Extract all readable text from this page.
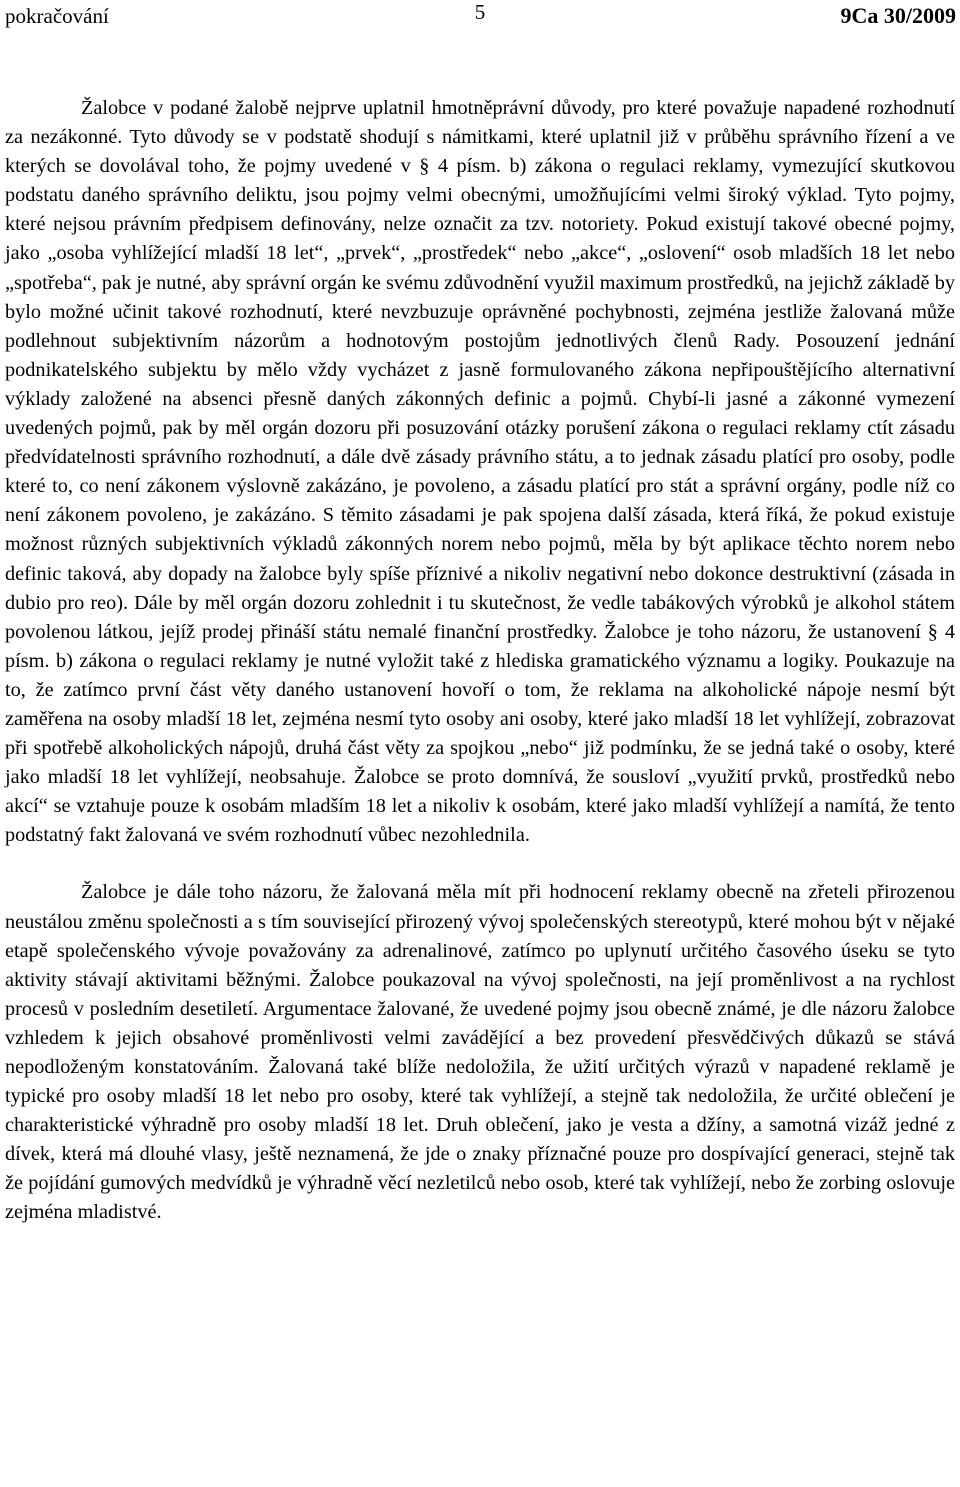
pokračování	5	9Ca 30/2009

Žalobce v podané žalobě nejprve uplatnil hmotněprávní důvody, pro které považuje napadené rozhodnutí za nezákonné. Tyto důvody se v podstatě shodují s námitkami, které uplatnil již v průběhu správního řízení a ve kterých se dovolával toho, že pojmy uvedené v § 4 písm. b) zákona o regulaci reklamy, vymezující skutkovou podstatu daného správního deliktu, jsou pojmy velmi obecnými, umožňujícími velmi široký výklad. Tyto pojmy, které nejsou právním předpisem definovány, nelze označit za tzv. notoriety. Pokud existují takové obecné pojmy, jako „osoba vyhlížející mladší 18 let“, „prvek“, „prostředek“ nebo „akce“, „oslovení“ osob mladších 18 let nebo „spotřeba“, pak je nutné, aby správní orgán ke svému zdůvodnění využil maximum prostředků, na jejichž základě by bylo možné učinit takové rozhodnutí, které nevzbuzuje oprávněné pochybnosti, zejména jestliže žalovaná může podlehnout subjektivním názorům a hodnotovým postojům jednotlivých členů Rady. Posouzení jednání podnikatelského subjektu by mělo vždy vycházet z jasně formulovaného zákona nepřipouštějícího alternativní výklady založené na absenci přesně daných zákonných definic a pojmů. Chybí-li jasné a zákonné vymezení uvedených pojmů, pak by měl orgán dozoru při posuzování otázky porušení zákona o regulaci reklamy ctít zásadu předvídatelnosti správního rozhodnutí, a dále dvě zásady právního státu, a to jednak zásadu platící pro osoby, podle které to, co není zákonem výslovně zakázáno, je povoleno, a zásadu platící pro stát a správní orgány, podle níž co není zákonem povoleno, je zakázáno. S těmito zásadami je pak spojena další zásada, která říká, že pokud existuje možnost různých subjektivních výkladů zákonných norem nebo pojmů, měla by být aplikace těchto norem nebo definic taková, aby dopady na žalobce byly spíše příznivé a nikoliv negativní nebo dokonce destruktivní (zásada in dubio pro reo). Dále by měl orgán dozoru zohlednit i tu skutečnost, že vedle tabákových výrobků je alkohol státem povolenou látkou, jejíž prodej přináší státu nemalé finanční prostředky. Žalobce je toho názoru, že ustanovení § 4 písm. b) zákona o regulaci reklamy je nutné vyložit také z hlediska gramatického významu a logiky. Poukazuje na to, že zatímco první část věty daného ustanovení hovoří o tom, že reklama na alkoholické nápoje nesmí být zaměřena na osoby mladší 18 let, zejména nesmí tyto osoby ani osoby, které jako mladší 18 let vyhlížejí, zobrazovat při spotřebě alkoholických nápojů, druhá část věty za spojkou „nebo“ již podmínku, že se jedná také o osoby, které jako mladší 18 let vyhlížejí, neobsahuje. Žalobce se proto domnívá, že sousloví „využití prvků, prostředků nebo akcí“ se vztahuje pouze k osobám mladším 18 let a nikoliv k osobám, které jako mladší vyhlížejí a namítá, že tento podstatný fakt žalovaná ve svém rozhodnutí vůbec nezohlednila.

Žalobce je dále toho názoru, že žalovaná měla mít při hodnocení reklamy obecně na zřeteli přirozenou neustálou změnu společnosti a s tím související přirozený vývoj společenských stereotypů, které mohou být v nějaké etapě společenského vývoje považovány za adrenalinové, zatímco po uplynutí určitého časového úseku se tyto aktivity stávají aktivitami běžnými. Žalobce poukazoval na vývoj společnosti, na její proměnlivost a na rychlost procesů v posledním desetiletí. Argumentace žalované, že uvedené pojmy jsou obecně známé, je dle názoru žalobce vzhledem k jejich obsahové proměnlivosti velmi zavádějící a bez provedení přesvědčivých důkazů se stává nepodloženým konstatováním. Žalovaná také blíže nedoložila, že užití určitých výrazů v napadené reklamě je typické pro osoby mladší 18 let nebo pro osoby, které tak vyhlížejí, a stejně tak nedoložila, že určité oblečení je charakteristické výhradně pro osoby mladší 18 let. Druh oblečení, jako je vesta a džíny, a samotná vizáž jedné z dívek, která má dlouhé vlasy, ještě neznamená, že jde o znaky příznačné pouze pro dospívající generaci, stejně tak že pojídání gumových medvídků je výhradně věcí nezletilců nebo osob, které tak vyhlížejí, nebo že zorbing oslovuje zejména mladistvé.
